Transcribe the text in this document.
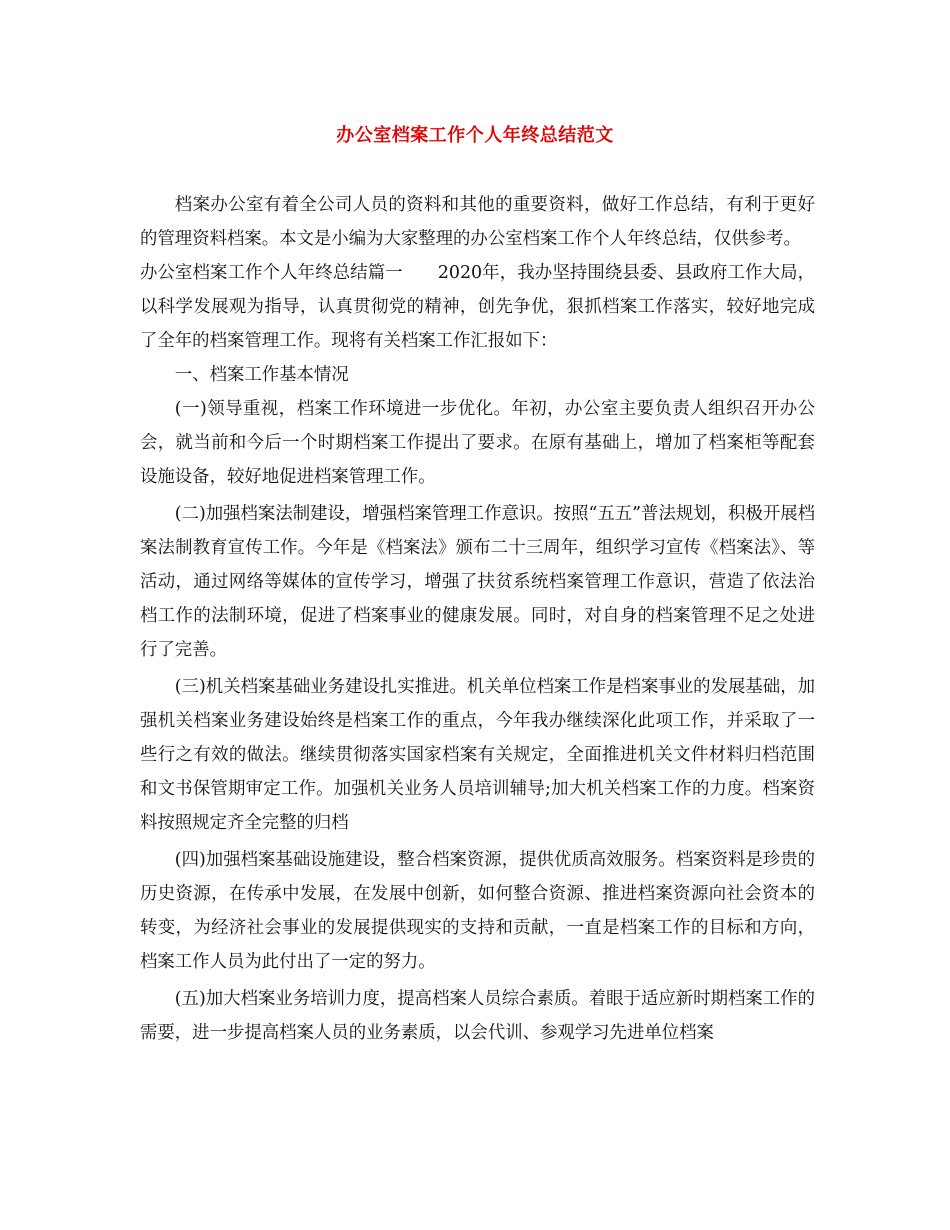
办公室档案工作个人年终总结范文

档案办公室有着全公司人员的资料和其他的重要资料，做好工作总结，有利于更好的管理资料档案。本文是小编为大家整理的办公室档案工作个人年终总结，仅供参考。

办公室档案工作个人年终总结篇一　　2020年，我办坚持围绕县委、县政府工作大局，以科学发展观为指导，认真贯彻党的精神，创先争优，狠抓档案工作落实，较好地完成了全年的档案管理工作。现将有关档案工作汇报如下：

一、档案工作基本情况

(一)领导重视，档案工作环境进一步优化。年初，办公室主要负责人组织召开办公会，就当前和今后一个时期档案工作提出了要求。在原有基础上，增加了档案柜等配套设施设备，较好地促进档案管理工作。

(二)加强档案法制建设，增强档案管理工作意识。按照“五五”普法规划，积极开展档案法制教育宣传工作。今年是《档案法》颁布二十三周年，组织学习宣传《档案法》、等活动，通过网络等媒体的宣传学习，增强了扶贫系统档案管理工作意识，营造了依法治档工作的法制环境，促进了档案事业的健康发展。同时，对自身的档案管理不足之处进行了完善。

(三)机关档案基础业务建设扎实推进。机关单位档案工作是档案事业的发展基础，加强机关档案业务建设始终是档案工作的重点，今年我办继续深化此项工作，并采取了一些行之有效的做法。继续贯彻落实国家档案有关规定，全面推进机关文件材料归档范围和文书保管期审定工作。加强机关业务人员培训辅导;加大机关档案工作的力度。档案资料按照规定齐全完整的归档

(四)加强档案基础设施建设，整合档案资源，提供优质高效服务。档案资料是珍贵的历史资源，在传承中发展，在发展中创新，如何整合资源、推进档案资源向社会资本的转变，为经济社会事业的发展提供现实的支持和贡献，一直是档案工作的目标和方向，档案工作人员为此付出了一定的努力。

(五)加大档案业务培训力度，提高档案人员综合素质。着眼于适应新时期档案工作的需要，进一步提高档案人员的业务素质，以会代训、参观学习先进单位档案
